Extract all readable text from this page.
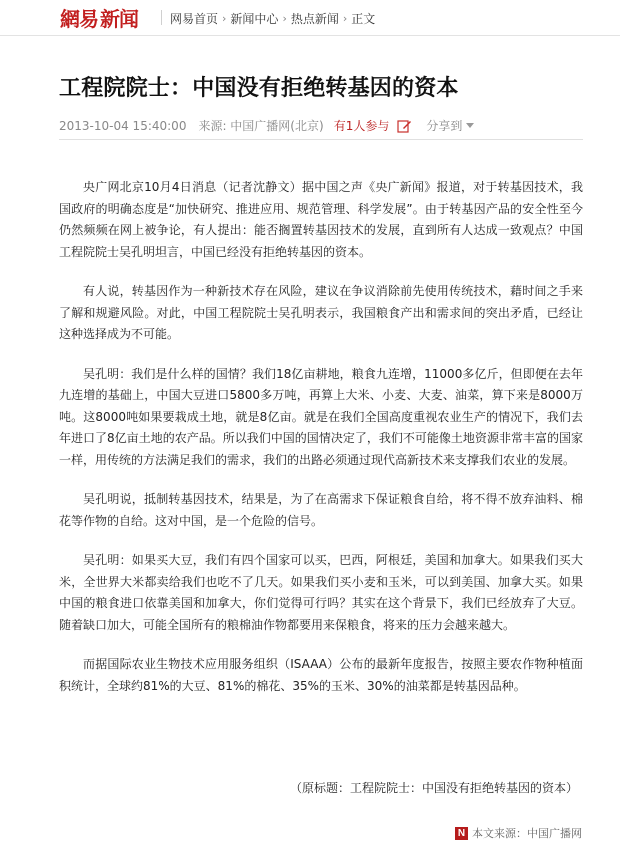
網易 新闻	网易首页 › 新闻中心 › 热点新闻 › 正文
工程院院士：中国没有拒绝转基因的资本
2013-10-04 15:40:00 来源: 中国广播网(北京) 有1人参与	分享到

央广网北京10月4日消息（记者沈静文）据中国之声《央广新闻》报道，对于转基因技术，我国政府的明确态度是“加快研究、推进应用、规范管理、科学发展”。由于转基因产品的安全性至今仍然频频在网上被争论，有人提出：能否搁置转基因技术的发展，直到所有人达成一致观点？中国工程院院士吴孔明坦言，中国已经没有拒绝转基因的资本。

有人说，转基因作为一种新技术存在风险，建议在争议消除前先使用传统技术，藉时间之手来了解和规避风险。对此，中国工程院院士吴孔明表示，我国粮食产出和需求间的突出矛盾，已经让这种选择成为不可能。

吴孔明：我们是什么样的国情？我们18亿亩耕地，粮食九连增，11000多亿斤，但即便在去年九连增的基础上，中国大豆进口5800多万吨，再算上大米、小麦、大麦、油菜，算下来是8000万吨。这8000吨如果要栽成土地，就是8亿亩。就是在我们全国高度重视农业生产的情况下，我们去年进口了8亿亩土地的农产品。所以我们中国的国情决定了，我们不可能像土地资源非常丰富的国家一样，用传统的方法满足我们的需求，我们的出路必须通过现代高新技术来支撑我们农业的发展。

吴孔明说，抵制转基因技术，结果是，为了在高需求下保证粮食自给，将不得不放弃油料、棉花等作物的自给。这对中国，是一个危险的信号。

吴孔明：如果买大豆，我们有四个国家可以买，巴西，阿根廷，美国和加拿大。如果我们买大米，全世界大米都卖给我们也吃不了几天。如果我们买小麦和玉米，可以到美国、加拿大买。如果中国的粮食进口依靠美国和加拿大，你们觉得可行吗？其实在这个背景下，我们已经放弃了大豆。随着缺口加大，可能全国所有的粮棉油作物都要用来保粮食，将来的压力会越来越大。

而据国际农业生物技术应用服务组织（ISAAA）公布的最新年度报告，按照主要农作物种植面积统计，全球约81%的大豆、81%的棉花、35%的玉米、30%的油菜都是转基因品种。

（原标题：工程院院士：中国没有拒绝转基因的资本）
N 本文来源：中国广播网
